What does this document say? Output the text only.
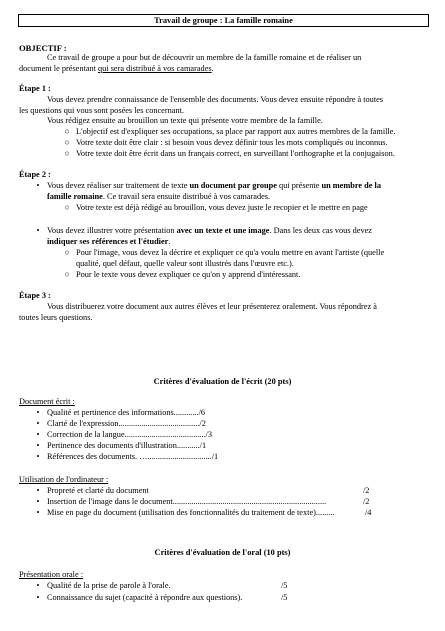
Travail de groupe : La famille romaine
OBJECTIF :
Ce travail de groupe a pour but de découvrir un membre de la famille romaine et de réaliser un
document le présentant qui sera distribué à vos camarades.
Étape 1 :
Vous devez prendre connaissance de l'ensemble des documents. Vous devez ensuite répondre à toutes
les questions qui vous sont posées les concernant.
Vous rédigez ensuite au brouillon un texte qui présente votre membre de la famille.
○ L'objectif est d'expliquer ses occupations, sa place par rapport aux autres membres de la famille.
○ Votre texte doit être clair : si besoin vous devez définir tous les mots compliqués ou inconnus.
○ Votre texte doit être écrit dans un français correct, en surveillant l'orthographe et la conjugaison.
Étape 2 :
• Vous devez réaliser sur traitement de texte un document par groupe qui présente un membre de la
famille romaine. Ce travail sera ensuite distribué à vos camarades.
○ Votre texte est déjà rédigé au brouillon, vous devez juste le recopier et le mettre en page
• Vous devez illustrer votre présentation avec un texte et une image. Dans les deux cas vous devez
indiquer ses références et l'étudier.
○ Pour l'image, vous devez la décrire et expliquer ce qu'a voulu mettre en avant l'artiste (quelle
qualité, quel défaut, quelle valeur sont illustrés dans l'œuvre etc.).
○ Pour le texte vous devez expliquer ce qu'on y apprend d'intéressant.
Étape 3 :
Vous distribuerez votre document aux autres élèves et leur présenterez oralement. Vous répondrez à
toutes leurs questions.
Critères d'évaluation de l'écrit (20 pts)
Document écrit :
• Qualité et pertinence des informations............/6
• Clarté de l'expression.......................................​/2
• Correction de la langue......................................./3
• Pertinence des documents d'illustration.........../1
• Références des documents. ….............................../1
Utilisation de l'ordinateur :
• Propreté et clarté du document	/2
• Insertion de l'image dans le document..........................................................................	/2
• Mise en page du document (utilisation des fonctionnalités du traitement de texte).........	/4
Critères d'évaluation de l'oral (10 pts)
Présentation orale :
• Qualité de la prise de parole à l'orale.	/5
• Connaissance du sujet (capacité à répondre aux questions).	/5
